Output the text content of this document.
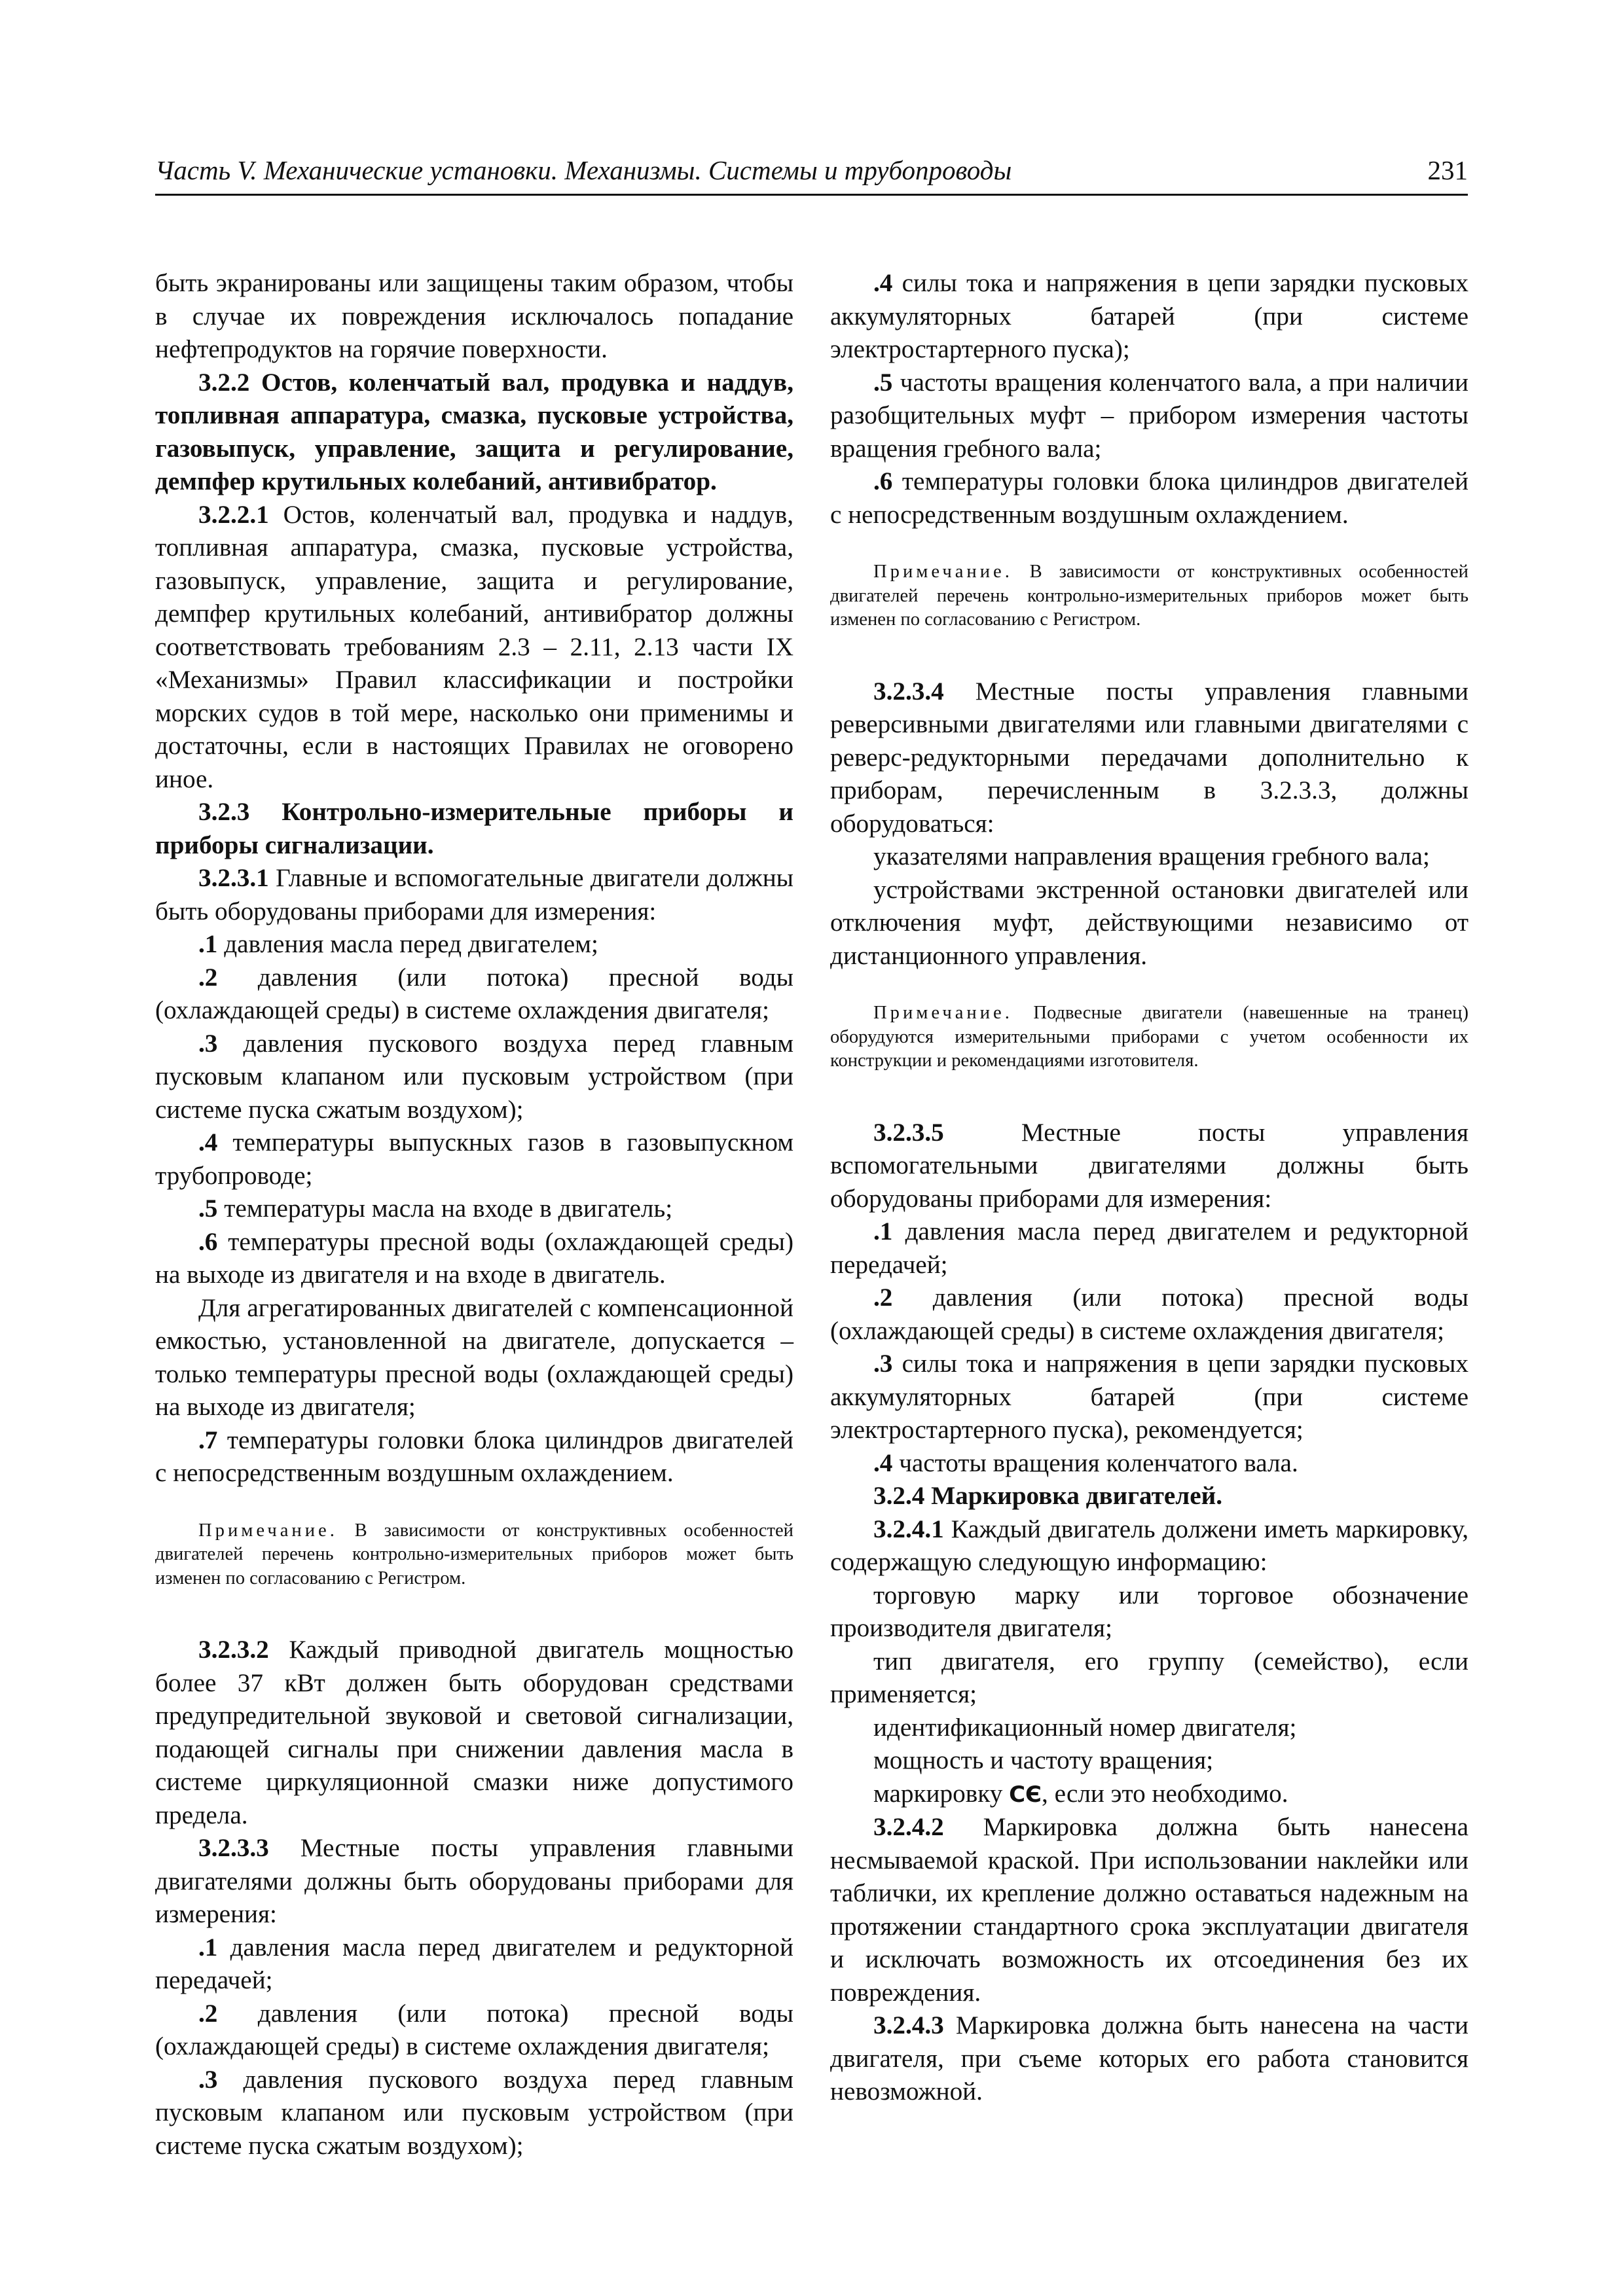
Часть V. Механические установки. Механизмы. Системы и трубопроводы	231

быть экранированы или защищены таким образом, чтобы в случае их повреждения исключалось попадание нефтепродуктов на горячие поверхности.

3.2.2 Остов, коленчатый вал, продувка и наддув, топливная аппаратура, смазка, пусковые устройства, газовыпуск, управление, защита и регулирование, демпфер крутильных колебаний, антивибратор.

3.2.2.1 Остов, коленчатый вал, продувка и наддув, топливная аппаратура, смазка, пусковые устройства, газовыпуск, управление, защита и регулирование, демпфер крутильных колебаний, антивибратор должны соответствовать требованиям 2.3 – 2.11, 2.13 части IX «Механизмы» Правил классификации и постройки морских судов в той мере, насколько они применимы и достаточны, если в настоящих Правилах не оговорено иное.

3.2.3 Контрольно-измерительные приборы и приборы сигнализации.

3.2.3.1 Главные и вспомогательные двигатели должны быть оборудованы приборами для измерения:

.1 давления масла перед двигателем;

.2 давления (или потока) пресной воды (охлаждающей среды) в системе охлаждения двигателя;

.3 давления пускового воздуха перед главным пусковым клапаном или пусковым устройством (при системе пуска сжатым воздухом);

.4 температуры выпускных газов в газовыпускном трубопроводе;

.5 температуры масла на входе в двигатель;

.6 температуры пресной воды (охлаждающей среды) на выходе из двигателя и на входе в двигатель.

Для агрегатированных двигателей с компенсационной емкостью, установленной на двигателе, допускается – только температуры пресной воды (охлаждающей среды) на выходе из двигателя;

.7 температуры головки блока цилиндров двигателей с непосредственным воздушным охлаждением.

Примечание. В зависимости от конструктивных особенностей двигателей перечень контрольно-измерительных приборов может быть изменен по согласованию с Регистром.

3.2.3.2 Каждый приводной двигатель мощностью более 37 кВт должен быть оборудован средствами предупредительной звуковой и световой сигнализации, подающей сигналы при снижении давления масла в системе циркуляционной смазки ниже допустимого предела.

3.2.3.3 Местные посты управления главными двигателями должны быть оборудованы приборами для измерения:

.1 давления масла перед двигателем и редукторной передачей;

.2 давления (или потока) пресной воды (охлаждающей среды) в системе охлаждения двигателя;

.3 давления пускового воздуха перед главным пусковым клапаном или пусковым устройством (при системе пуска сжатым воздухом);

.4 силы тока и напряжения в цепи зарядки пусковых аккумуляторных батарей (при системе электростартерного пуска);

.5 частоты вращения коленчатого вала, а при наличии разобщительных муфт – прибором измерения частоты вращения гребного вала;

.6 температуры головки блока цилиндров двигателей с непосредственным воздушным охлаждением.

Примечание. В зависимости от конструктивных особенностей двигателей перечень контрольно-измерительных приборов может быть изменен по согласованию с Регистром.

3.2.3.4 Местные посты управления главными реверсивными двигателями или главными двигателями с реверс-редукторными передачами дополнительно к приборам, перечисленным в 3.2.3.3, должны оборудоваться:

указателями направления вращения гребного вала;

устройствами экстренной остановки двигателей или отключения муфт, действующими независимо от дистанционного управления.

Примечание. Подвесные двигатели (навешенные на транец) оборудуются измерительными приборами с учетом особенности их конструкции и рекомендациями изготовителя.

3.2.3.5 Местные посты управления вспомогательными двигателями должны быть оборудованы приборами для измерения:

.1 давления масла перед двигателем и редукторной передачей;

.2 давления (или потока) пресной воды (охлаждающей среды) в системе охлаждения двигателя;

.3 силы тока и напряжения в цепи зарядки пусковых аккумуляторных батарей (при системе электростартерного пуска), рекомендуется;

.4 частоты вращения коленчатого вала.

3.2.4 Маркировка двигателей.

3.2.4.1 Каждый двигатель должени иметь маркировку, содержащую следующую информацию:

торговую марку или торговое обозначение производителя двигателя;

тип двигателя, его группу (семейство), если применяется;

идентификационный номер двигателя;

мощность и частоту вращения;

маркировку CЄ, если это необходимо.

3.2.4.2 Маркировка должна быть нанесена несмываемой краской. При использовании наклейки или таблички, их крепление должно оставаться надежным на протяжении стандартного срока эксплуатации двигателя и исключать возможность их отсоединения без их повреждения.

3.2.4.3 Маркировка должна быть нанесена на части двигателя, при съеме которых его работа становится невозможной.
